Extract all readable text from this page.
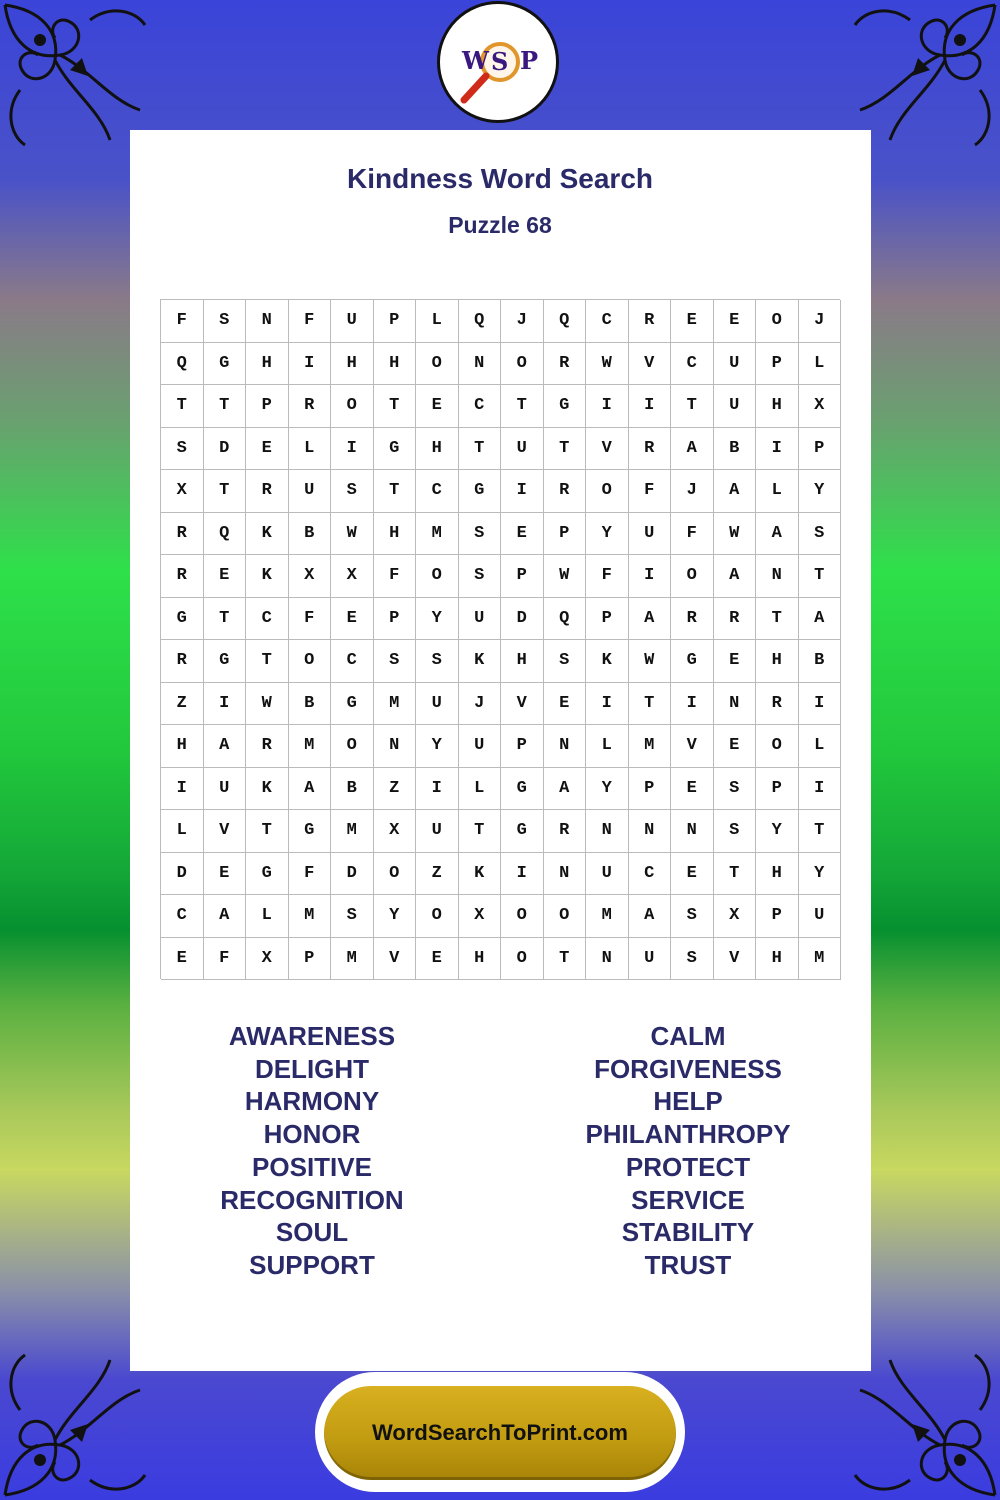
W S P
Kindness Word Search
Puzzle 68
F	S	N	F	U	P	L	Q	J	Q	C	R	E	E	O	J
Q	G	H	I	H	H	O	N	O	R	W	V	C	U	P	L
T	T	P	R	O	T	E	C	T	G	I	I	T	U	H	X
S	D	E	L	I	G	H	T	U	T	V	R	A	B	I	P
X	T	R	U	S	T	C	G	I	R	O	F	J	A	L	Y
R	Q	K	B	W	H	M	S	E	P	Y	U	F	W	A	S
R	E	K	X	X	F	O	S	P	W	F	I	O	A	N	T
G	T	C	F	E	P	Y	U	D	Q	P	A	R	R	T	A
R	G	T	O	C	S	S	K	H	S	K	W	G	E	H	B
Z	I	W	B	G	M	U	J	V	E	I	T	I	N	R	I
H	A	R	M	O	N	Y	U	P	N	L	M	V	E	O	L
I	U	K	A	B	Z	I	L	G	A	Y	P	E	S	P	I
L	V	T	G	M	X	U	T	G	R	N	N	N	S	Y	T
D	E	G	F	D	O	Z	K	I	N	U	C	E	T	H	Y
C	A	L	M	S	Y	O	X	O	O	M	A	S	X	P	U
E	F	X	P	M	V	E	H	O	T	N	U	S	V	H	M
AWARENESS
DELIGHT
HARMONY
HONOR
POSITIVE
RECOGNITION
SOUL
SUPPORT
CALM
FORGIVENESS
HELP
PHILANTHROPY
PROTECT
SERVICE
STABILITY
TRUST
WordSearchToPrint.com
